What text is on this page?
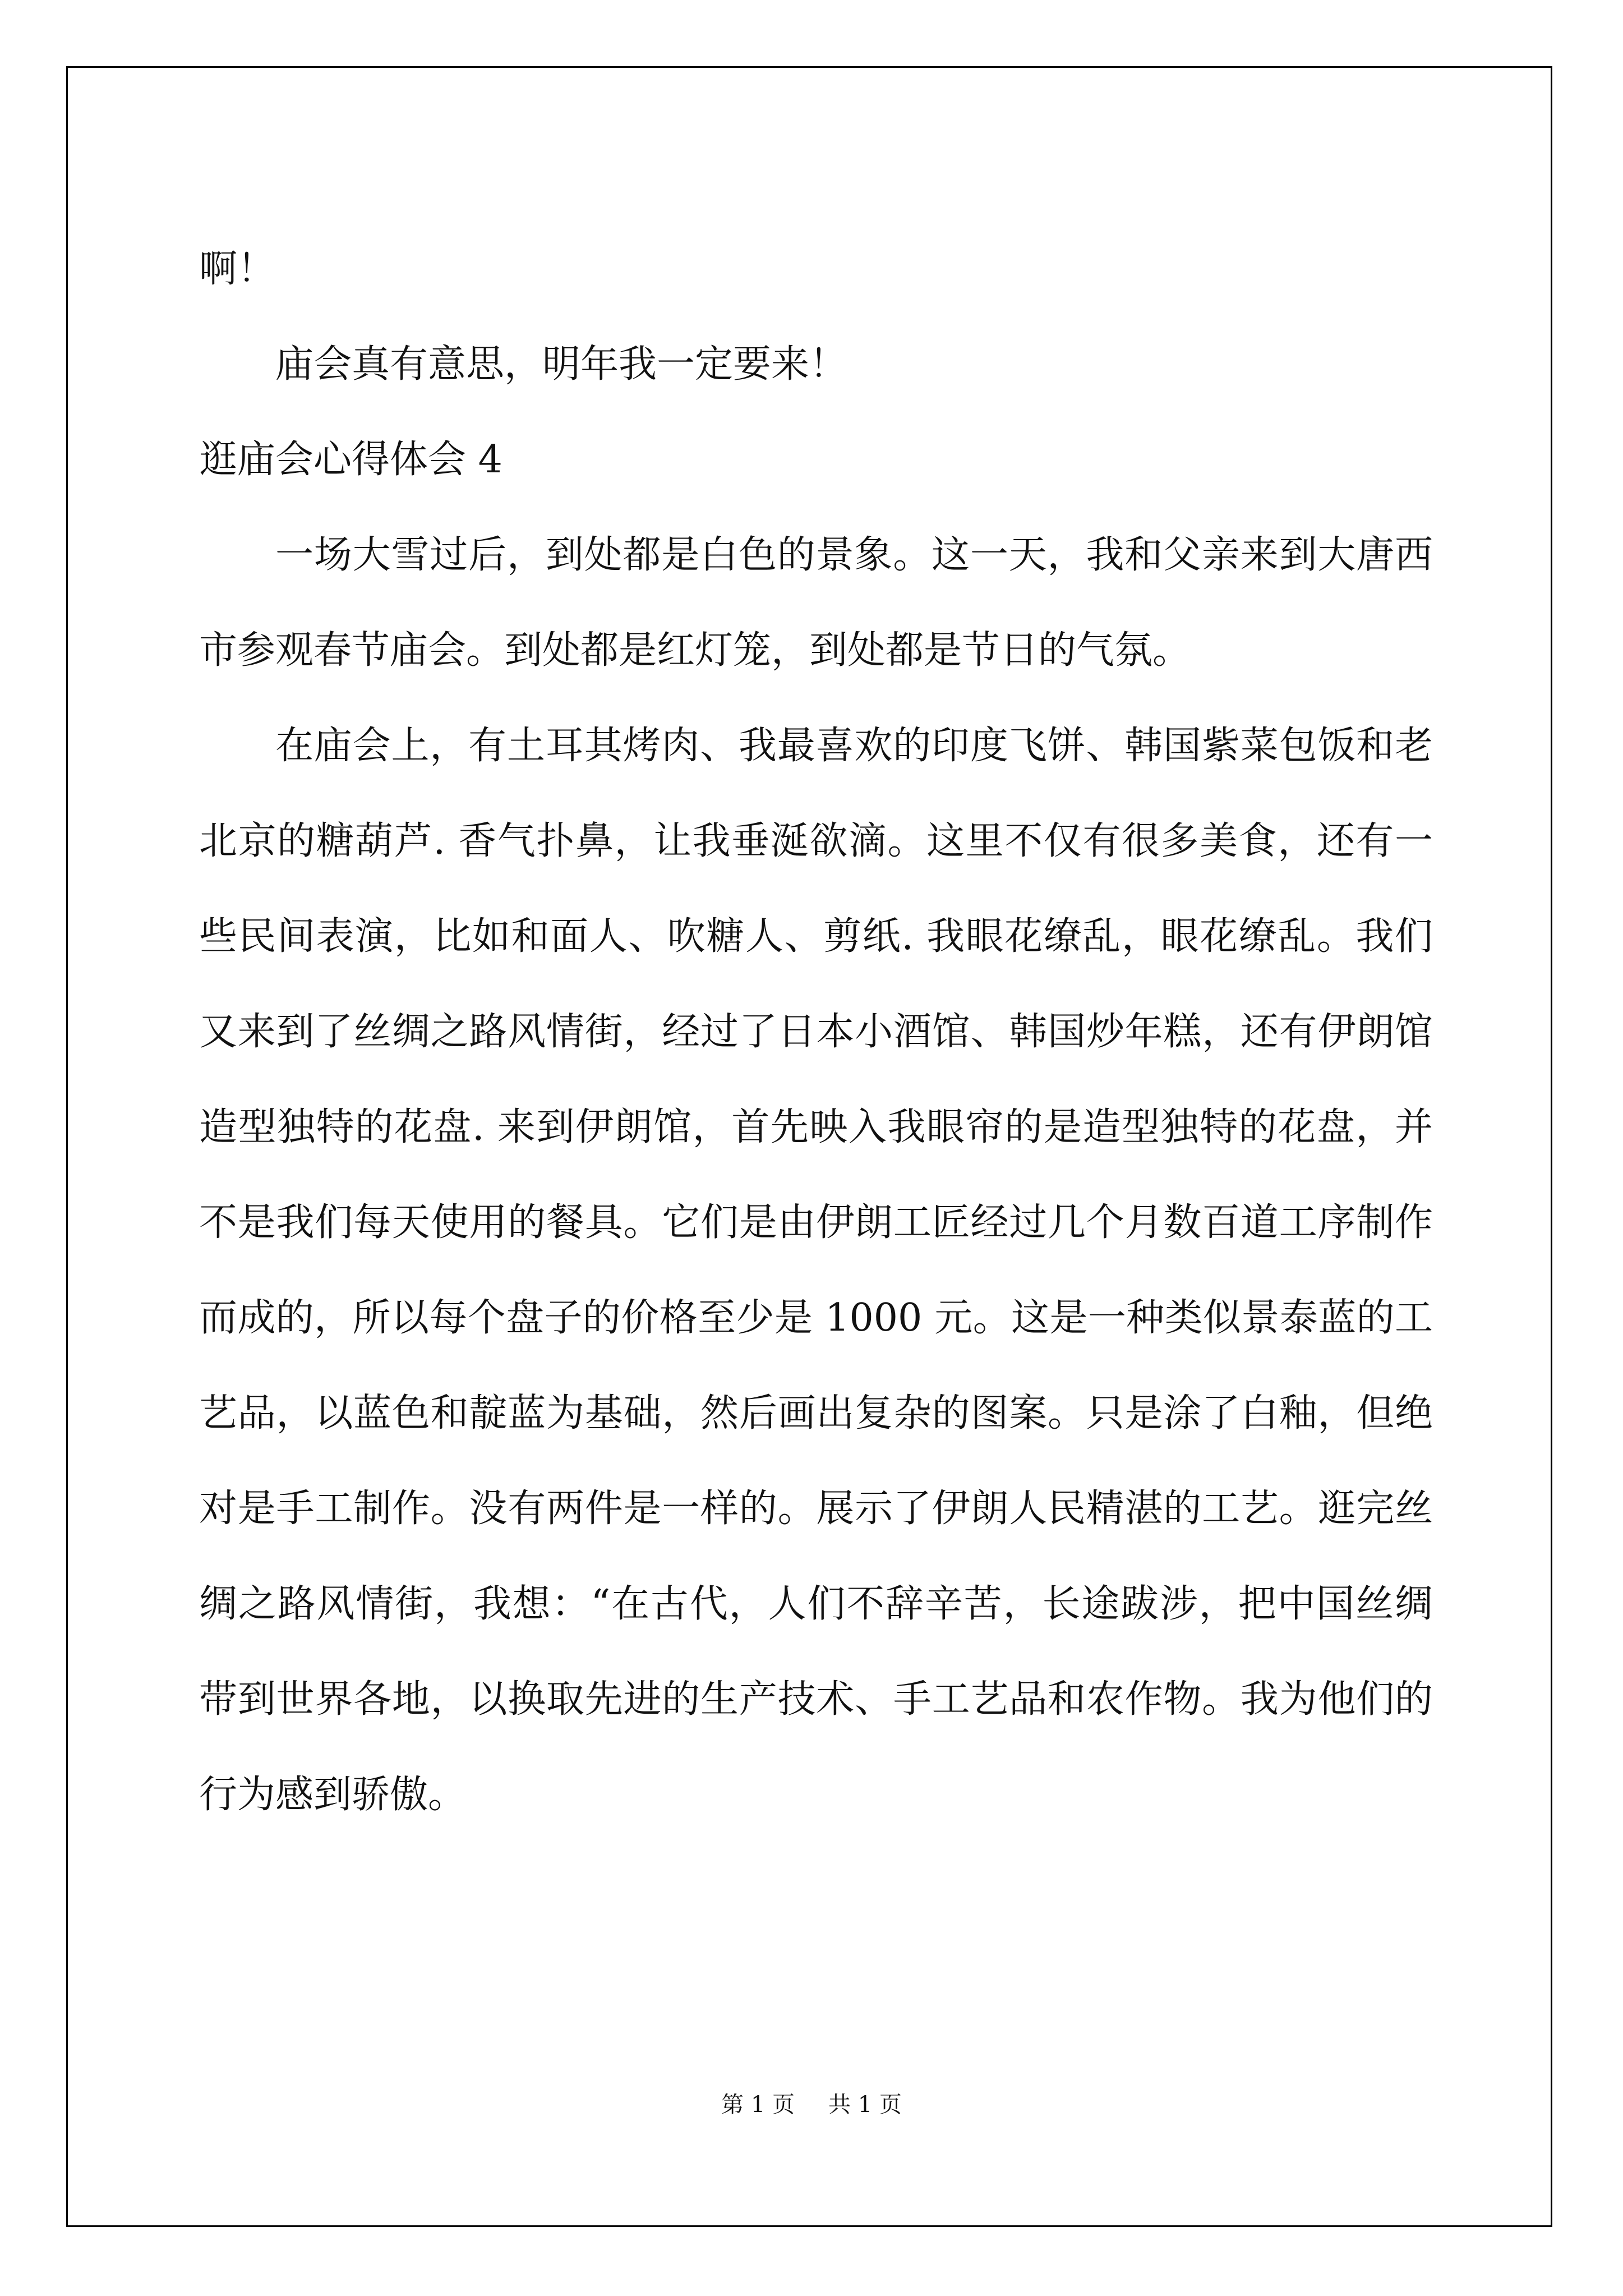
啊！

庙会真有意思，明年我一定要来！

逛庙会心得体会 4

一场大雪过后，到处都是白色的景象。这一天，我和父亲来到大唐西市参观春节庙会。到处都是红灯笼，到处都是节日的气氛。

在庙会上，有土耳其烤肉、我最喜欢的印度飞饼、韩国紫菜包饭和老北京的糖葫芦. 香气扑鼻，让我垂涎欲滴。这里不仅有很多美食，还有一些民间表演，比如和面人、吹糖人、剪纸. 我眼花缭乱，眼花缭乱。我们又来到了丝绸之路风情街，经过了日本小酒馆、韩国炒年糕，还有伊朗馆造型独特的花盘. 来到伊朗馆，首先映入我眼帘的是造型独特的花盘，并不是我们每天使用的餐具。它们是由伊朗工匠经过几个月数百道工序制作而成的，所以每个盘子的价格至少是 1000 元。这是一种类似景泰蓝的工艺品，以蓝色和靛蓝为基础，然后画出复杂的图案。只是涂了白釉，但绝对是手工制作。没有两件是一样的。展示了伊朗人民精湛的工艺。逛完丝绸之路风情街，我想：“在古代，人们不辞辛苦，长途跋涉，把中国丝绸带到世界各地，以换取先进的生产技术、手工艺品和农作物。我为他们的行为感到骄傲。

第 1 页 共 1 页
